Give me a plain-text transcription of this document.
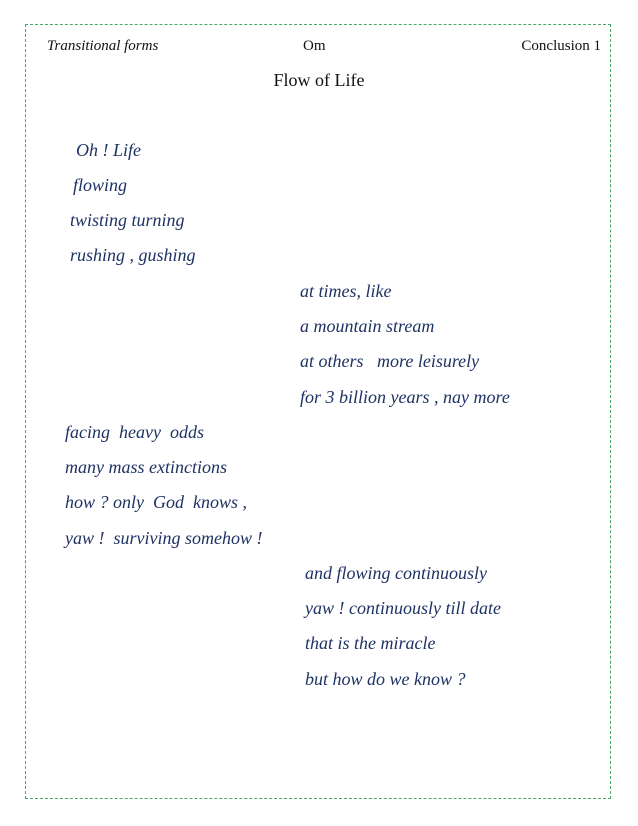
Transitional forms	Om	Conclusion 1
Flow of Life
Oh ! Life
flowing
twisting turning
rushing , gushing
at times, like
a mountain stream
at others   more leisurely
for 3 billion years , nay more
facing  heavy  odds
many mass extinctions
how ? only  God  knows ,
yaw !  surviving somehow !
and flowing continuously
yaw ! continuously till date
that is the miracle
but how do we know ?
